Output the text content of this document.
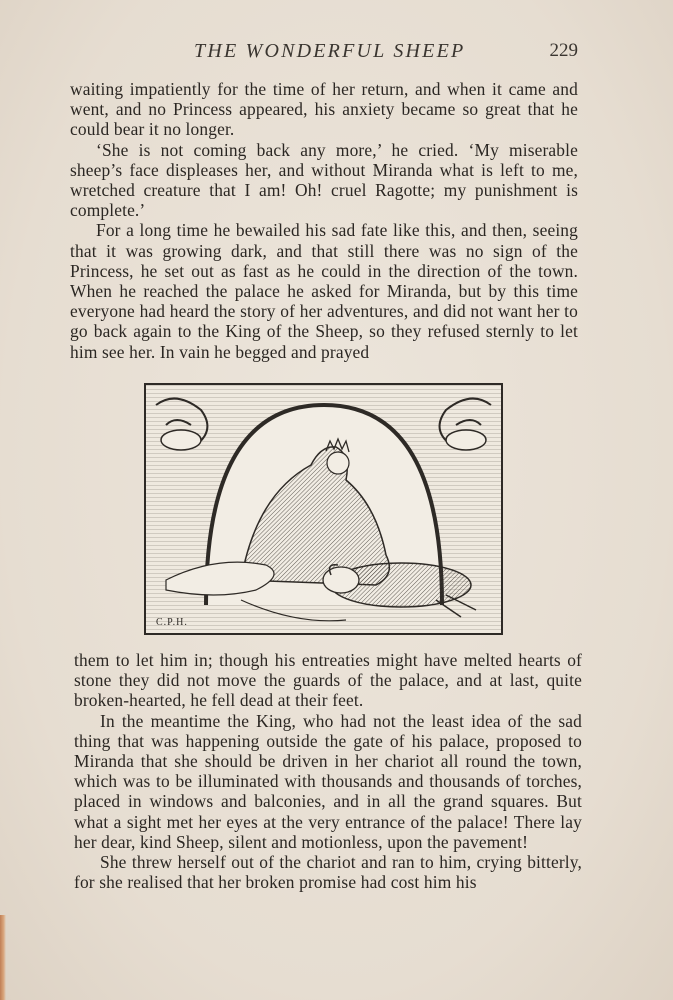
THE WONDERFUL SHEEP	229

waiting impatiently for the time of her return, and when it came and went, and no Princess appeared, his anxiety became so great that he could bear it no longer.

‘She is not coming back any more,’ he cried. ‘My miserable sheep’s face displeases her, and without Miranda what is left to me, wretched creature that I am! Oh! cruel Ragotte; my punishment is complete.’

For a long time he bewailed his sad fate like this, and then, seeing that it was growing dark, and that still there was no sign of the Princess, he set out as fast as he could in the direction of the town. When he reached the palace he asked for Miranda, but by this time everyone had heard the story of her adventures, and did not want her to go back again to the King of the Sheep, so they refused sternly to let him see her. In vain he begged and prayed

C.P.H.

them to let him in; though his entreaties might have melted hearts of stone they did not move the guards of the palace, and at last, quite broken-hearted, he fell dead at their feet.

In the meantime the King, who had not the least idea of the sad thing that was happening outside the gate of his palace, proposed to Miranda that she should be driven in her chariot all round the town, which was to be illuminated with thousands and thousands of torches, placed in windows and balconies, and in all the grand squares. But what a sight met her eyes at the very entrance of the palace! There lay her dear, kind Sheep, silent and motionless, upon the pavement!

She threw herself out of the chariot and ran to him, crying bitterly, for she realised that her broken promise had cost him his
